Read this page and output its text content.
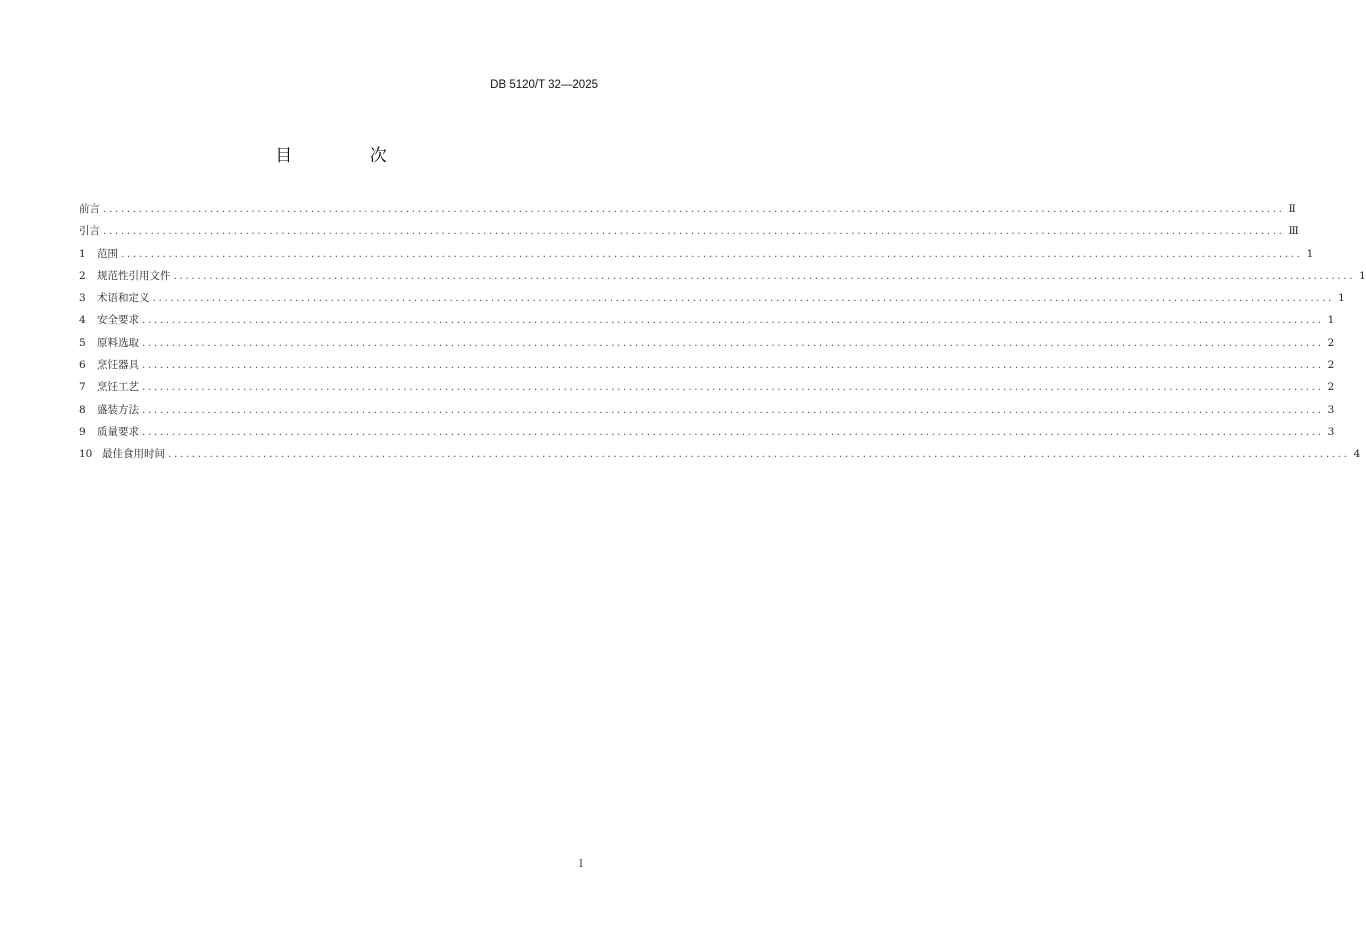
DB 5120/T 32—2025
目 次
前言 ....................................................................................................................................................................................................... Ⅱ
引言 ....................................................................................................................................................................................................... Ⅲ
1	范围 ....................................................................................................................................................................................................... 1
2	规范性引用文件 ....................................................................................................................................................................................................... 1
3	术语和定义 ....................................................................................................................................................................................................... 1
4	安全要求 ....................................................................................................................................................................................................... 1
5	原料选取 ....................................................................................................................................................................................................... 2
6	烹饪器具 ....................................................................................................................................................................................................... 2
7	烹饪工艺 ....................................................................................................................................................................................................... 2
8	盛装方法 ....................................................................................................................................................................................................... 3
9	质量要求 ....................................................................................................................................................................................................... 3
10 最佳食用时间 ....................................................................................................................................................................................................... 4
I
